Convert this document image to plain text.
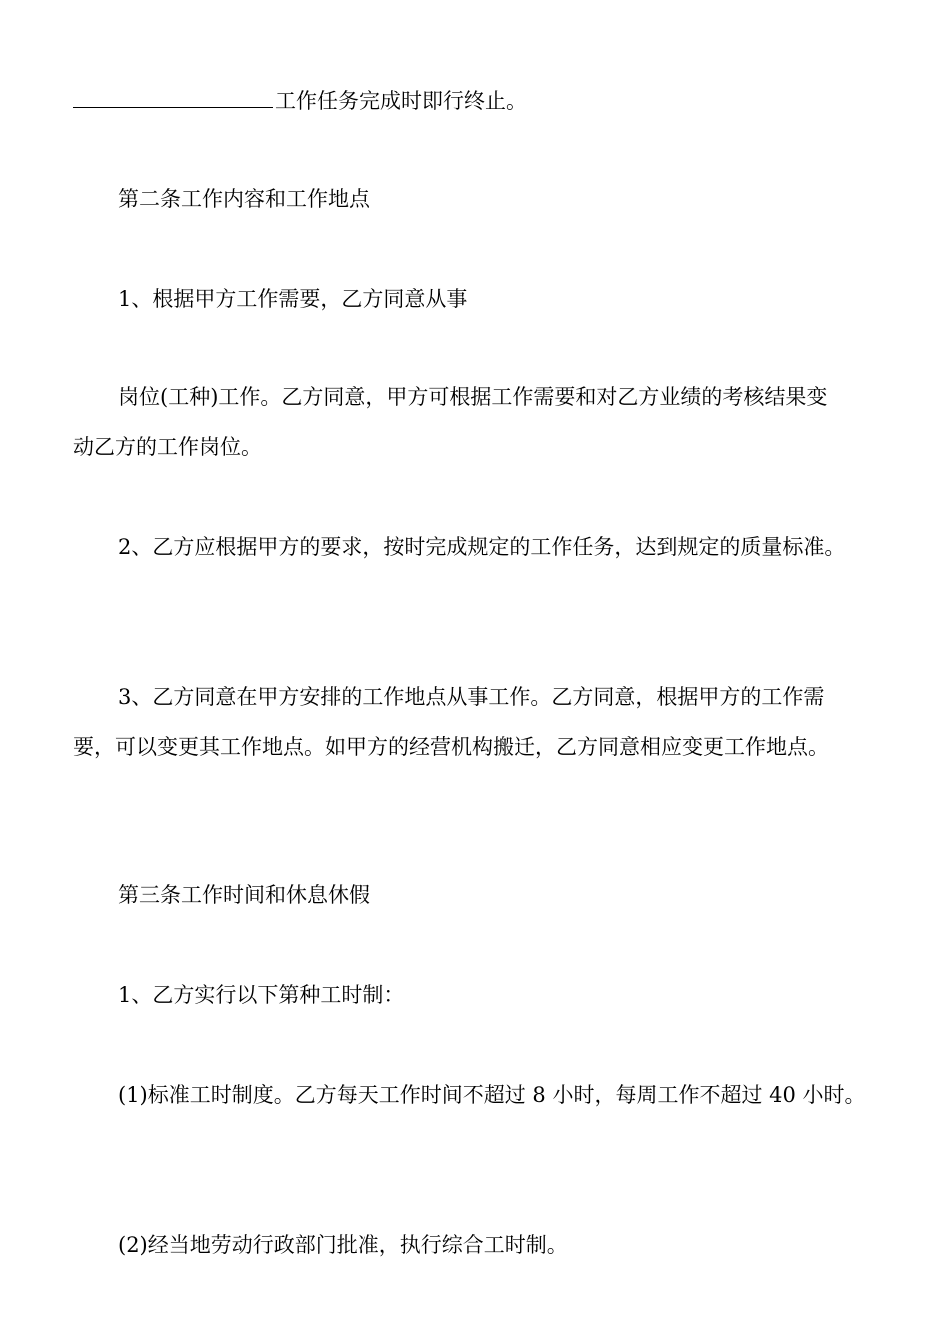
工作任务完成时即行终止。
第二条工作内容和工作地点
1、根据甲方工作需要，乙方同意从事
岗位(工种)工作。乙方同意，甲方可根据工作需要和对乙方业绩的考核结果变
动乙方的工作岗位。
2、乙方应根据甲方的要求，按时完成规定的工作任务，达到规定的质量标准。
3、乙方同意在甲方安排的工作地点从事工作。乙方同意，根据甲方的工作需
要，可以变更其工作地点。如甲方的经营机构搬迁，乙方同意相应变更工作地点。
第三条工作时间和休息休假
1、乙方实行以下第种工时制：
(1)标准工时制度。乙方每天工作时间不超过 8 小时，每周工作不超过 40 小时。
(2)经当地劳动行政部门批准，执行综合工时制。
